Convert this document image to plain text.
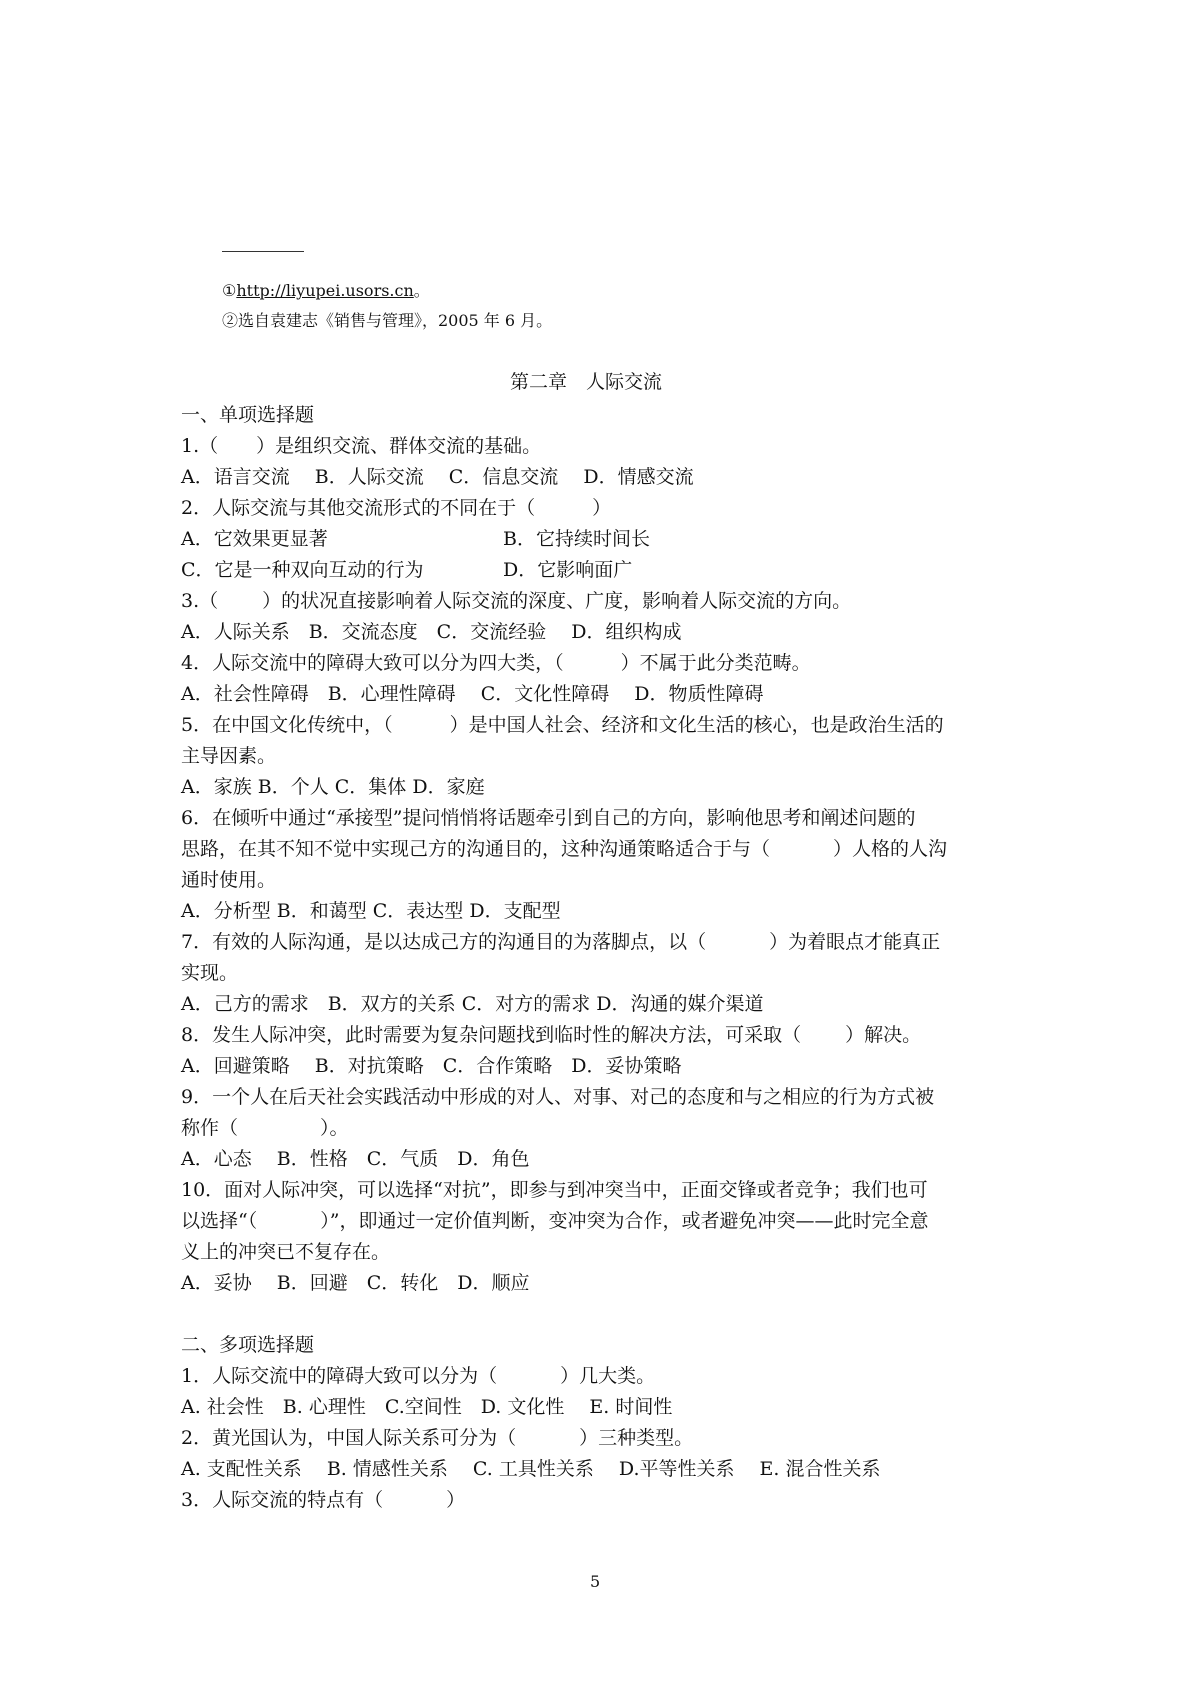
①http://liyupei.usors.cn。
②选自袁建志《销售与管理》，2005 年 6 月。
第二章　人际交流
一、单项选择题
1.（　　）是组织交流、群体交流的基础。
A．语言交流　 B．人际交流　 C．信息交流　 D．情感交流
2．人际交流与其他交流形式的不同在于（　　　）
A．它效果更显著	B．它持续时间长
C．它是一种双向互动的行为	D．它影响面广
3.（　　 ）的状况直接影响着人际交流的深度、广度，影响着人际交流的方向。
A．人际关系　B．交流态度　C．交流经验　 D．组织构成
4．人际交流中的障碍大致可以分为四大类，（　　　）不属于此分类范畴。
A．社会性障碍　B．心理性障碍　 C．文化性障碍　 D．物质性障碍
5．在中国文化传统中，（　　　）是中国人社会、经济和文化生活的核心，也是政治生活的
主导因素。
A．家族 B．个人 C．集体 D．家庭
6．在倾听中通过“承接型”提问悄悄将话题牵引到自己的方向，影响他思考和阐述问题的
思路，在其不知不觉中实现己方的沟通目的，这种沟通策略适合于与（　　　 ）人格的人沟
通时使用。
A．分析型 B．和蔼型 C．表达型 D．支配型
7．有效的人际沟通，是以达成己方的沟通目的为落脚点，以（　　　 ）为着眼点才能真正
实现。
A．己方的需求　B．双方的关系 C．对方的需求 D．沟通的媒介渠道
8．发生人际冲突，此时需要为复杂问题找到临时性的解决方法，可采取（　　 ）解决。
A．回避策略　 B．对抗策略　C．合作策略　D．妥协策略
9．一个人在后天社会实践活动中形成的对人、对事、对己的态度和与之相应的行为方式被
称作（　　　　 ）。
A．心态　 B．性格　C．气质　D．角色
10．面对人际冲突，可以选择“对抗”，即参与到冲突当中，正面交锋或者竞争；我们也可
以选择“（　　　 ）”，即通过一定价值判断，变冲突为合作，或者避免冲突——此时完全意
义上的冲突已不复存在。
A．妥协　 B．回避　C．转化　D．顺应
二、多项选择题
1．人际交流中的障碍大致可以分为（　　　 ）几大类。
A. 社会性　B. 心理性　C.空间性　D. 文化性　 E. 时间性
2．黄光国认为，中国人际关系可分为（　　　 ）三种类型。
A. 支配性关系　 B. 情感性关系　 C. 工具性关系　 D.平等性关系　 E. 混合性关系
3．人际交流的特点有（　　　 ）
5
